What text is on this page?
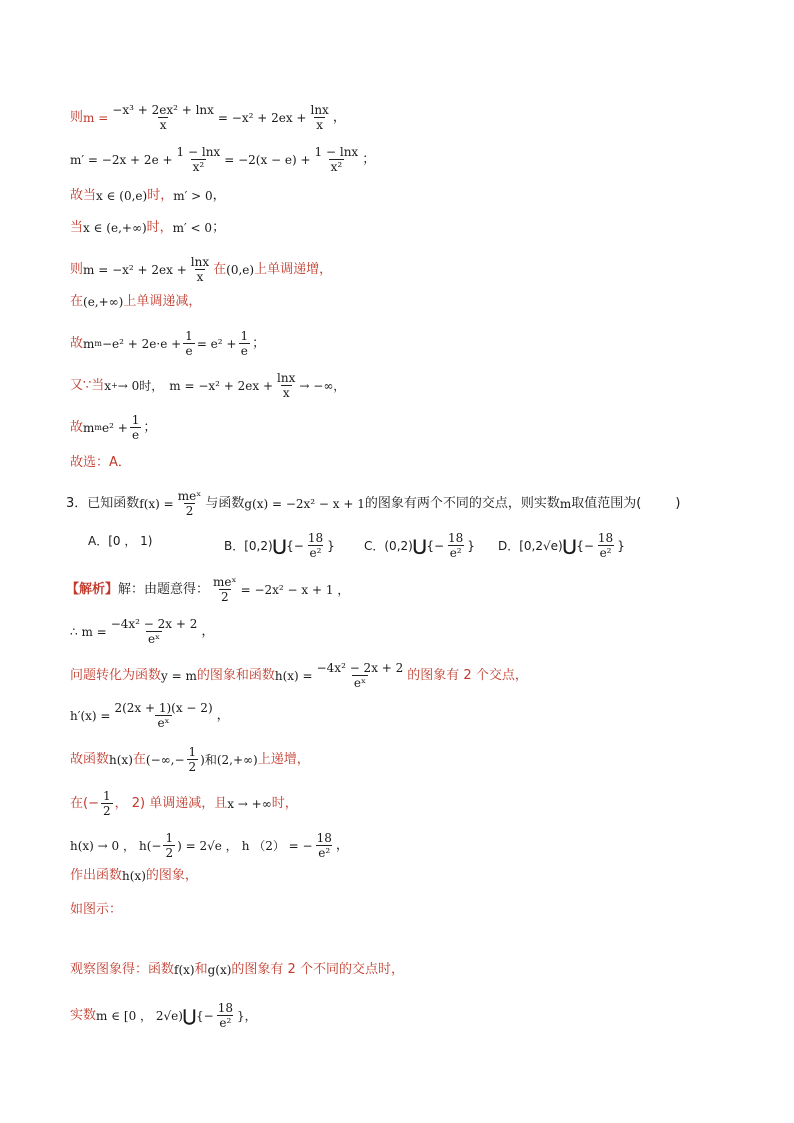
则 $m = \frac{\text{−x³ + 2ex² + lnx}}{x} = -x^2 + 2ex + \frac{\ln x}{x}$ ，
$m' = -2x + 2e + \frac{1 - \ln x}{\text{x²}} = -2(x - e) + \frac{1 - \ln x}{\text{x²}}$ ；
故当 x ∈ (0,e) 时， m′ > 0 ，
当 x ∈ (e,+∞) 时， m′ < 0 ；
则 $m = -x^2 + 2ex + \frac{\ln x}{x}$ 在 (0,e) 上单调递增，
在 (e,+∞) 上单调递减，
故 m $m -e^2 + 2e\cdot e + \frac{1}{e} = e^2 + \frac{1}{e}$ ；
又∵当 x + → 0时， $m = -x^2 + 2ex + \frac{\ln x}{x}$ → −∞，
故 m m $e^2 + \frac{1}{e}$ ；
故选：A．
3．已知函数 $f(x) = \frac{\text{meˣ}}{2}$ 与函数 g(x) = −2x² − x + 1 的图象有两个不同的交点，则实数 m 取值范围为(	)
A．[0 ， 1)	B．[0,2) ⋃ {− $\frac{18}{\text{e²}}$ } C．(0,2) ⋃ {− $\frac{18}{\text{e²}}$ } D．[0,2√e) ⋃ {− $\frac{18}{\text{e²}}$ }
【解析】 解：由题意得： $\frac{\text{meˣ}}{2} = -2x^2 - x + 1$ ，
∴ $m = \frac{\text{−4x² − 2x + 2}}{\text{eˣ}}$ ，
问题转化为函数 y = m 的图象和函数 $h(x) = \frac{\text{−4x² − 2x + 2}}{\text{eˣ}}$ 的图象有 2 个交点，
$h'(x) = \frac{2(2x + 1)(x - 2)}{\text{eˣ}}$ ，
故函数 h(x) 在 (−∞,− $\frac{1}{2}$ )和 (2,+∞) 上递增，
在(− $\frac{1}{2}$ ， 2) 单调递减，且 x → +∞ 时，
h(x) → 0 ， $h(- \frac{1}{2}$ ) = 2√e ， h （2） = − $\frac{18}{\text{e²}}$ ，
作出函数 h(x) 的图象，
如图示：
观察图象得：函数 f(x) 和 g(x) 的图象有 2 个不同的交点时，
实数 m ∈ [0 ， 2√e) ⋃ {− $\frac{18}{\text{e²}}$ }，
